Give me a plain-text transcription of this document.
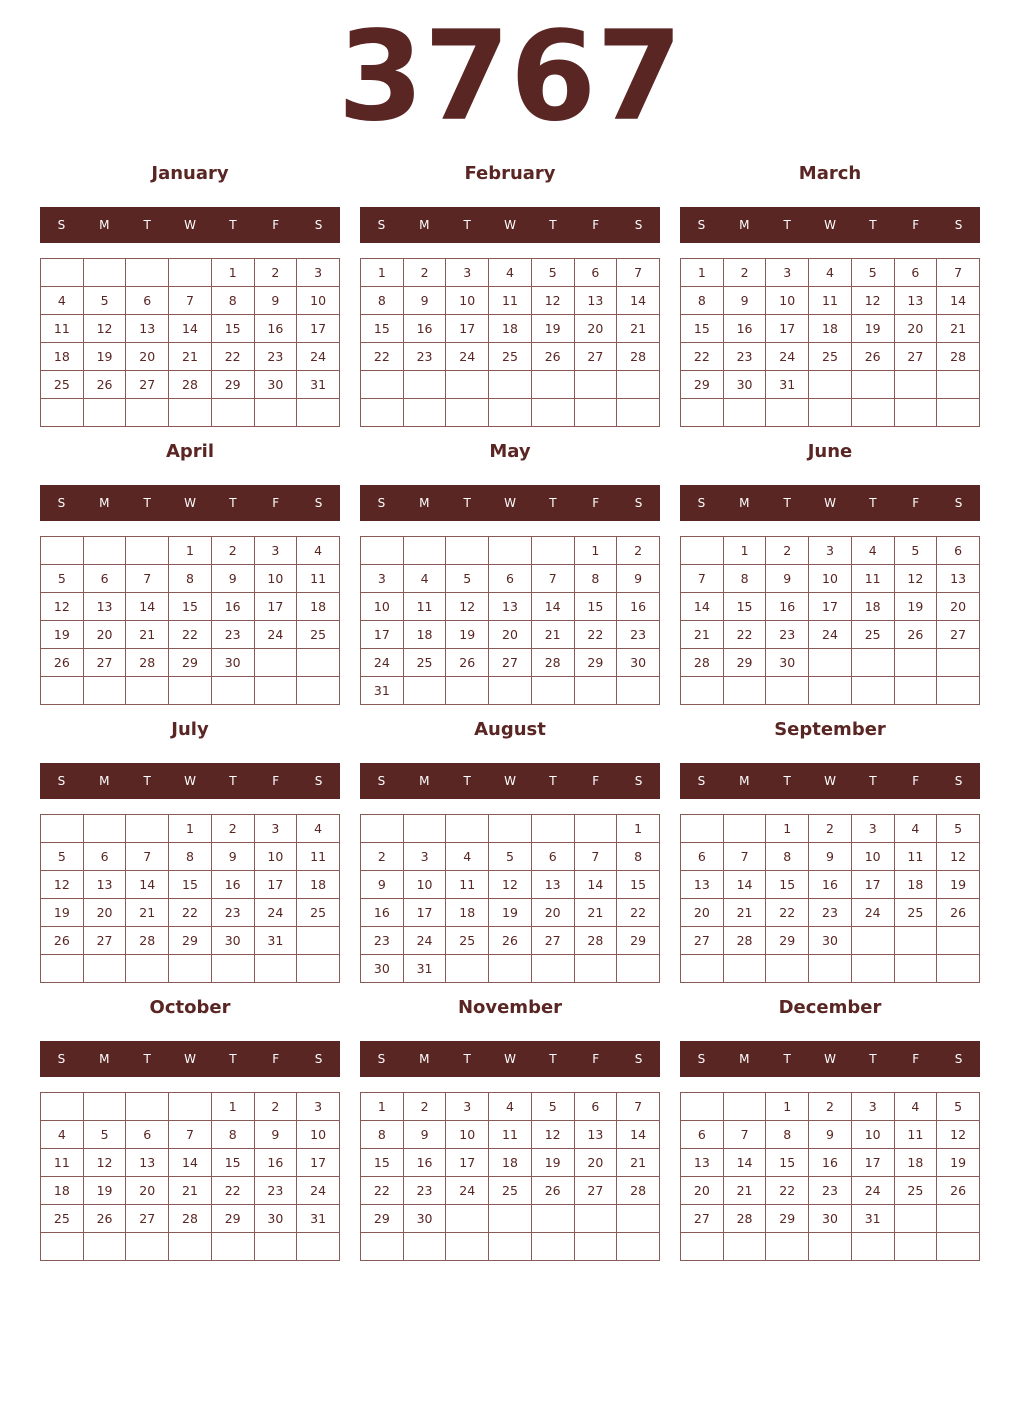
3767
January
S	M	T	W	T	F	S
				1	2	3
4	5	6	7	8	9	10
11	12	13	14	15	16	17
18	19	20	21	22	23	24
25	26	27	28	29	30	31

February
S	M	T	W	T	F	S
1	2	3	4	5	6	7
8	9	10	11	12	13	14
15	16	17	18	19	20	21
22	23	24	25	26	27	28

March
S	M	T	W	T	F	S
1	2	3	4	5	6	7
8	9	10	11	12	13	14
15	16	17	18	19	20	21
22	23	24	25	26	27	28
29	30	31				

April
S	M	T	W	T	F	S
			1	2	3	4
5	6	7	8	9	10	11
12	13	14	15	16	17	18
19	20	21	22	23	24	25
26	27	28	29	30		

May
S	M	T	W	T	F	S
					1	2
3	4	5	6	7	8	9
10	11	12	13	14	15	16
17	18	19	20	21	22	23
24	25	26	27	28	29	30
31						
June
S	M	T	W	T	F	S
	1	2	3	4	5	6
7	8	9	10	11	12	13
14	15	16	17	18	19	20
21	22	23	24	25	26	27
28	29	30				

July
S	M	T	W	T	F	S
			1	2	3	4
5	6	7	8	9	10	11
12	13	14	15	16	17	18
19	20	21	22	23	24	25
26	27	28	29	30	31	

August
S	M	T	W	T	F	S
						1
2	3	4	5	6	7	8
9	10	11	12	13	14	15
16	17	18	19	20	21	22
23	24	25	26	27	28	29
30	31					
September
S	M	T	W	T	F	S
		1	2	3	4	5
6	7	8	9	10	11	12
13	14	15	16	17	18	19
20	21	22	23	24	25	26
27	28	29	30			

October
S	M	T	W	T	F	S
				1	2	3
4	5	6	7	8	9	10
11	12	13	14	15	16	17
18	19	20	21	22	23	24
25	26	27	28	29	30	31

November
S	M	T	W	T	F	S
1	2	3	4	5	6	7
8	9	10	11	12	13	14
15	16	17	18	19	20	21
22	23	24	25	26	27	28
29	30					

December
S	M	T	W	T	F	S
		1	2	3	4	5
6	7	8	9	10	11	12
13	14	15	16	17	18	19
20	21	22	23	24	25	26
27	28	29	30	31		
